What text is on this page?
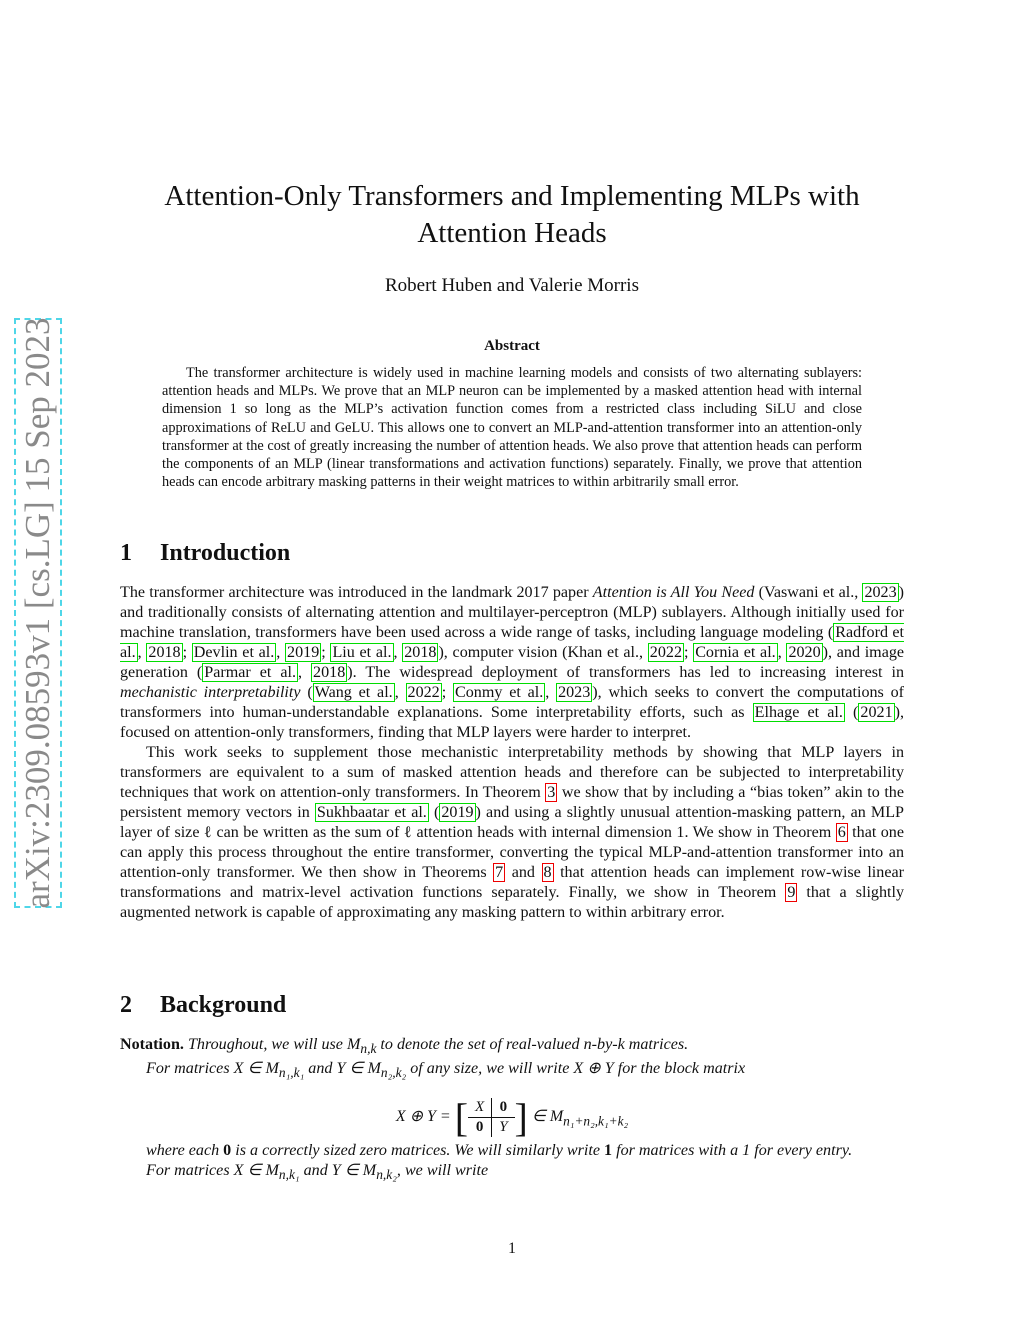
arXiv:2309.08593v1 [cs.LG] 15 Sep 2023
Attention-Only Transformers and Implementing MLPs with
Attention Heads
Robert Huben and Valerie Morris
Abstract

The transformer architecture is widely used in machine learning models and consists of two alternating sublayers: attention heads and MLPs. We prove that an MLP neuron can be implemented by a masked attention head with internal dimension 1 so long as the MLP’s activation function comes from a restricted class including SiLU and close approximations of ReLU and GeLU. This allows one to convert an MLP-and-attention transformer into an attention-only transformer at the cost of greatly increasing the number of attention heads. We also prove that attention heads can perform the components of an MLP (linear transformations and activation functions) separately. Finally, we prove that attention heads can encode arbitrary masking patterns in their weight matrices to within arbitrarily small error.

1 Introduction

The transformer architecture was introduced in the landmark 2017 paper Attention is All You Need (Vaswani et al., 2023 ) and traditionally consists of alternating attention and multilayer-perceptron (MLP) sublayers. Although initially used for machine translation, transformers have been used across a wide range of tasks, including language modeling ( Radford et al. , 2018 ; Devlin et al. , 2019 ; Liu et al. , 2018 ), computer vision (Khan et al., 2022 ; Cornia et al. , 2020 ), and image generation ( Parmar et al. , 2018 ). The widespread deployment of transformers has led to increasing interest in mechanistic interpretability ( Wang et al. , 2022 ; Conmy et al. , 2023 ), which seeks to convert the computations of transformers into human-understandable explanations. Some interpretability efforts, such as Elhage et al. ( 2021 ), focused on attention-only transformers, finding that MLP layers were harder to interpret.

This work seeks to supplement those mechanistic interpretability methods by showing that MLP layers in transformers are equivalent to a sum of masked attention heads and therefore can be subjected to interpretability techniques that work on attention-only transformers. In Theorem 3 we show that by including a “bias token” akin to the persistent memory vectors in Sukhbaatar et al. ( 2019 ) and using a slightly unusual attention-masking pattern, an MLP layer of size ℓ can be written as the sum of ℓ attention heads with internal dimension 1. We show in Theorem 6 that one can apply this process throughout the entire transformer, converting the typical MLP-and-attention transformer into an attention-only transformer. We then show in Theorems 7 and 8 that attention heads can implement row-wise linear transformations and matrix-level activation functions separately. Finally, we show in Theorem 9 that a slightly augmented network is capable of approximating any masking pattern to within arbitrary error.

2 Background

Notation. Throughout, we will use $M_{n,k}$ to denote the set of real-valued n-by-k matrices.

For matrices X ∈ $M_{n_1,k_1}$ and Y ∈ $M_{n_2,k_2}$ of any size, we will write X ⊕ Y for the block matrix

X ⊕ Y = [ X	0
0	Y ] ∈ $M_{n_1+n_2,k_1+k_2}$

where each 0 is a correctly sized zero matrices. We will similarly write 1 for matrices with a 1 for every entry.

For matrices X ∈ $M_{n,k_1}$ and Y ∈ $M_{n,k_2}$, we will write

1
